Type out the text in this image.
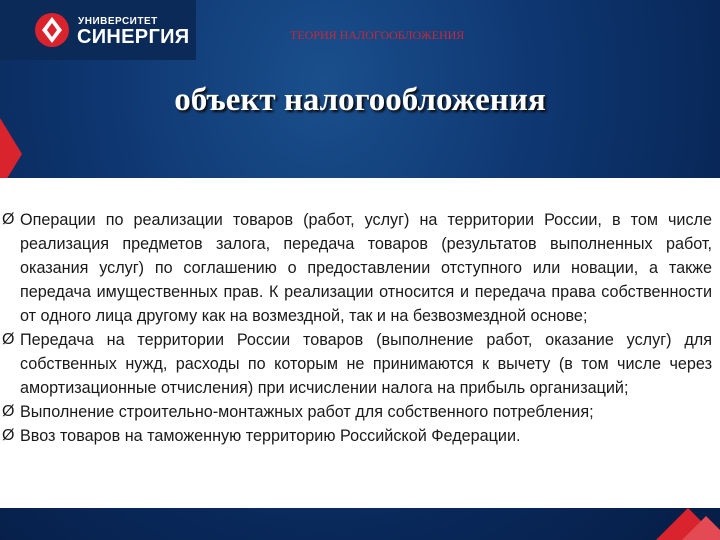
УНИВЕРСИТЕТ
СИНЕРГИЯ	ТЕОРИЯ НАЛОГООБЛОЖЕНИЯ
объект налогообложения
Ø Операции по реализации товаров (работ, услуг) на территории России, в том числе реализация предметов залога, передача товаров (результатов выполненных работ, оказания услуг) по соглашению о предоставлении отступного или новации, а также передача имущественных прав. К реализации относится и передача права собственности от одного лица другому как на возмездной, так и на безвозмездной основе;
Ø Передача на территории России товаров (выполнение работ, оказание услуг) для собственных нужд, расходы по которым не принимаются к вычету (в том числе через амортизационные отчисления) при исчислении налога на прибыль организаций;
Ø Выполнение строительно-монтажных работ для собственного потребления;
Ø Ввоз товаров на таможенную территорию Российской Федерации.
